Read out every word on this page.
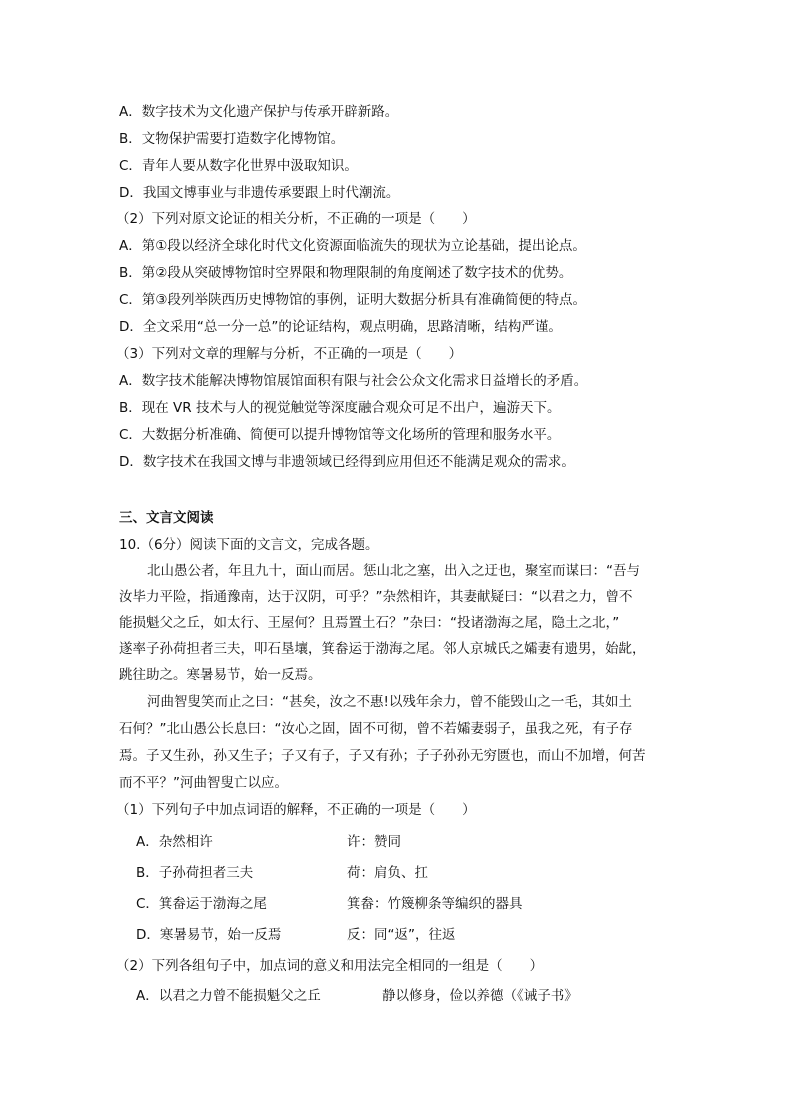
A．数字技术为文化遗产保护与传承开辟新路。
B．文物保护需要打造数字化博物馆。
C．青年人要从数字化世界中汲取知识。
D．我国文博事业与非遗传承要跟上时代潮流。
（2）下列对原文论证的相关分析，不正确的一项是（　　）
A．第①段以经济全球化时代文化资源面临流失的现状为立论基础，提出论点。
B．第②段从突破博物馆时空界限和物理限制的角度阐述了数字技术的优势。
C．第③段列举陕西历史博物馆的事例，证明大数据分析具有准确简便的特点。
D．全文采用“总一分一总”的论证结构，观点明确，思路清晰，结构严谨。
（3）下列对文章的理解与分析，不正确的一项是（　　）
A．数字技术能解决博物馆展馆面积有限与社会公众文化需求日益增长的矛盾。
B．现在 VR 技术与人的视觉触觉等深度融合观众可足不出户，遍游天下。
C．大数据分析准确、简便可以提升博物馆等文化场所的管理和服务水平。
D．数字技术在我国文博与非遗领域已经得到应用但还不能满足观众的需求。
三、文言文阅读
10.（6分）阅读下面的文言文，完成各题。
北山愚公者，年且九十，面山而居。惩山北之塞，出入之迂也，聚室而谋曰：“吾与
汝毕力平险，指通豫南，达于汉阴，可乎？”杂然相许，其妻献疑曰：“以君之力，曾不
能损魁父之丘，如太行、王屋何？且焉置土石？”杂曰：“投诸渤海之尾，隐土之北，”
遂率子孙荷担者三夫，叩石垦壤，箕畚运于渤海之尾。邻人京城氏之孀妻有遗男，始龀，
跳往助之。寒暑易节，始一反焉。
河曲智叟笑而止之曰：“甚矣，汝之不惠!以残年余力，曾不能毁山之一毛，其如土
石何？”北山愚公长息曰：“汝心之固，固不可彻，曾不若孀妻弱子，虽我之死，有子存
焉。子又生孙，孙又生子；子又有子，子又有孙；子子孙孙无穷匮也，而山不加增，何苦
而不平？”河曲智叟亡以应。
（1）下列句子中加点词语的解释，不正确的一项是（　　）
A．杂然相许	许：赞同
B．子孙荷担者三夫	荷：肩负、扛
C．箕畚运于渤海之尾	箕畚：竹篾柳条等编织的器具
D．寒暑易节，始一反焉	反：同“返”，往返
（2）下列各组句子中，加点词的意义和用法完全相同的一组是（　　）
A．以君之力曾不能损魁父之丘	静以修身，俭以养德（《诫子书》
